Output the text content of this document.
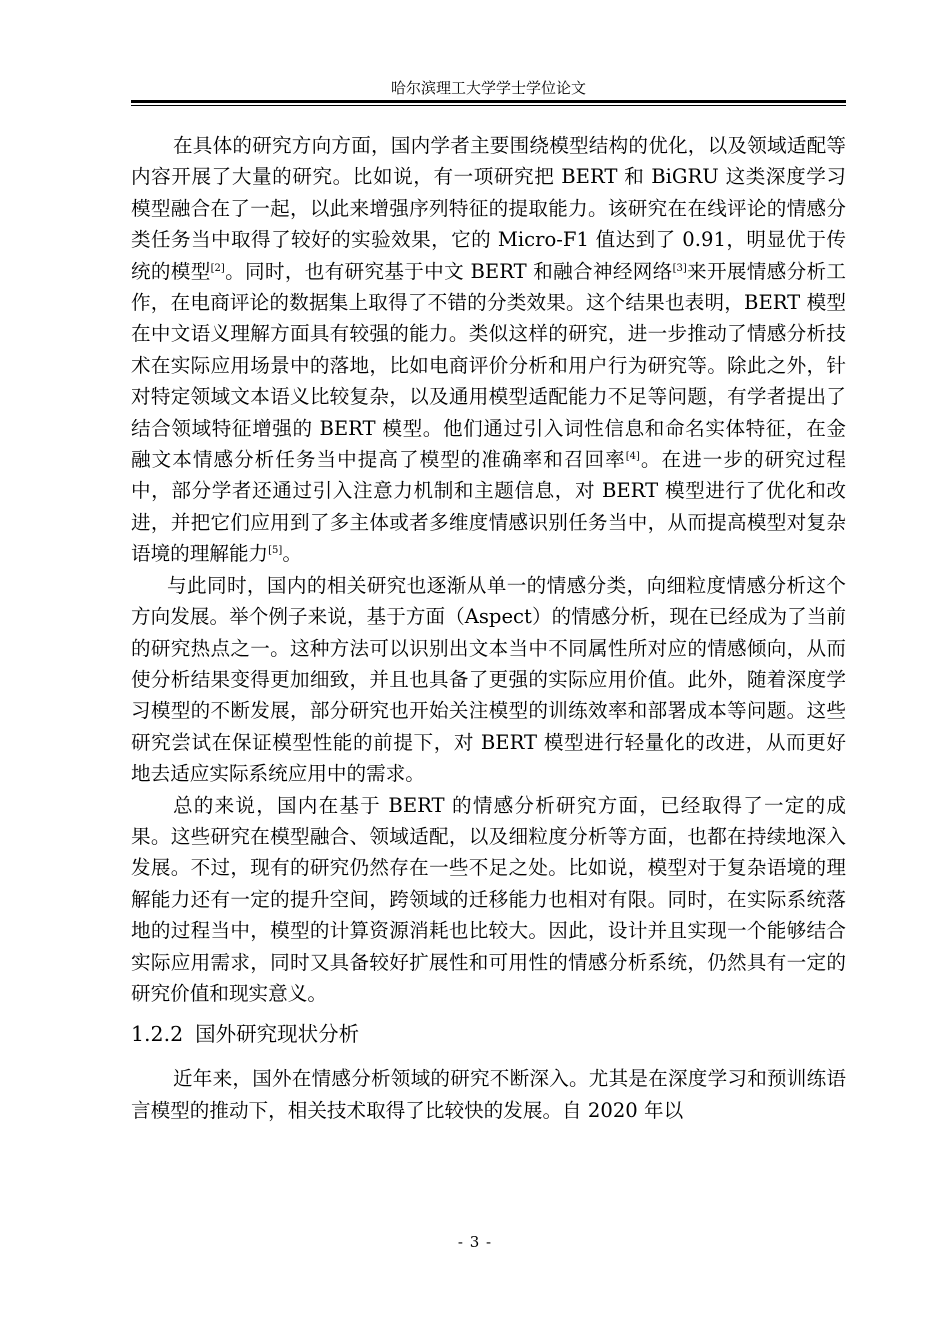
哈尔滨理工大学学士学位论文

在具体的研究方向方面，国内学者主要围绕模型结构的优化，以及领域适配等内容开展了大量的研究。比如说，有一项研究把 BERT 和 BiGRU 这类深度学习模型融合在了一起，以此来增强序列特征的提取能力。该研究在在线评论的情感分类任务当中取得了较好的实验效果，它的 Micro-F1 值达到了 0.91，明显优于传统的模型[2]。同时，也有研究基于中文 BERT 和融合神经网络[3]来开展情感分析工作，在电商评论的数据集上取得了不错的分类效果。这个结果也表明，BERT 模型在中文语义理解方面具有较强的能力。类似这样的研究，进一步推动了情感分析技术在实际应用场景中的落地，比如电商评价分析和用户行为研究等。除此之外，针对特定领域文本语义比较复杂，以及通用模型适配能力不足等问题，有学者提出了结合领域特征增强的 BERT 模型。他们通过引入词性信息和命名实体特征，在金融文本情感分析任务当中提高了模型的准确率和召回率[4]。在进一步的研究过程中，部分学者还通过引入注意力机制和主题信息，对 BERT 模型进行了优化和改进，并把它们应用到了多主体或者多维度情感识别任务当中，从而提高模型对复杂语境的理解能力[5]。

与此同时，国内的相关研究也逐渐从单一的情感分类，向细粒度情感分析这个方向发展。举个例子来说，基于方面（Aspect）的情感分析，现在已经成为了当前的研究热点之一。这种方法可以识别出文本当中不同属性所对应的情感倾向，从而使分析结果变得更加细致，并且也具备了更强的实际应用价值。此外，随着深度学习模型的不断发展，部分研究也开始关注模型的训练效率和部署成本等问题。这些研究尝试在保证模型性能的前提下，对 BERT 模型进行轻量化的改进，从而更好地去适应实际系统应用中的需求。

总的来说，国内在基于 BERT 的情感分析研究方面，已经取得了一定的成果。这些研究在模型融合、领域适配，以及细粒度分析等方面，也都在持续地深入发展。不过，现有的研究仍然存在一些不足之处。比如说，模型对于复杂语境的理解能力还有一定的提升空间，跨领域的迁移能力也相对有限。同时，在实际系统落地的过程当中，模型的计算资源消耗也比较大。因此，设计并且实现一个能够结合实际应用需求，同时又具备较好扩展性和可用性的情感分析系统，仍然具有一定的研究价值和现实意义。

1.2.2 国外研究现状分析

近年来，国外在情感分析领域的研究不断深入。尤其是在深度学习和预训练语言模型的推动下，相关技术取得了比较快的发展。自 2020 年以

- 3 -
